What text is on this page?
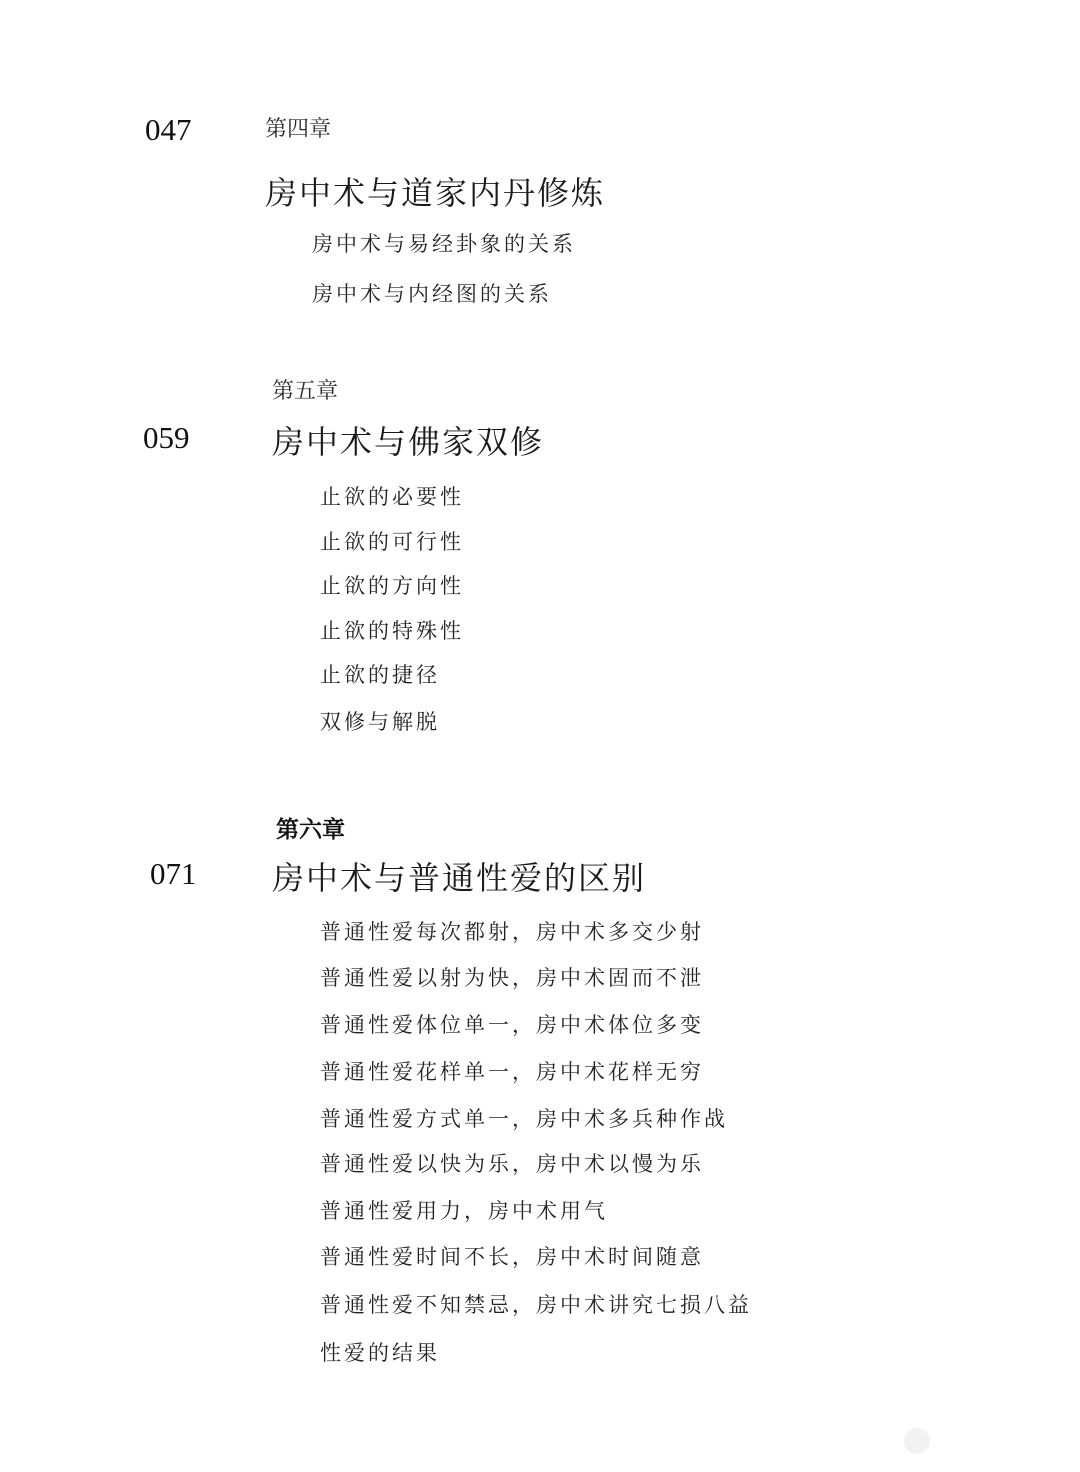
047	第四章
房中术与道家内丹修炼
房中术与易经卦象的关系
房中术与内经图的关系
第五章
059	房中术与佛家双修
止欲的必要性
止欲的可行性
止欲的方向性
止欲的特殊性
止欲的捷径
双修与解脱
第六章
071 房中术与普通性爱的区别
普通性爱每次都射，房中术多交少射
普通性爱以射为快，房中术固而不泄
普通性爱体位单一，房中术体位多变
普通性爱花样单一，房中术花样无穷
普通性爱方式单一，房中术多兵种作战
普通性爱以快为乐，房中术以慢为乐
普通性爱用力，房中术用气
普通性爱时间不长，房中术时间随意
普通性爱不知禁忌，房中术讲究七损八益
性爱的结果
